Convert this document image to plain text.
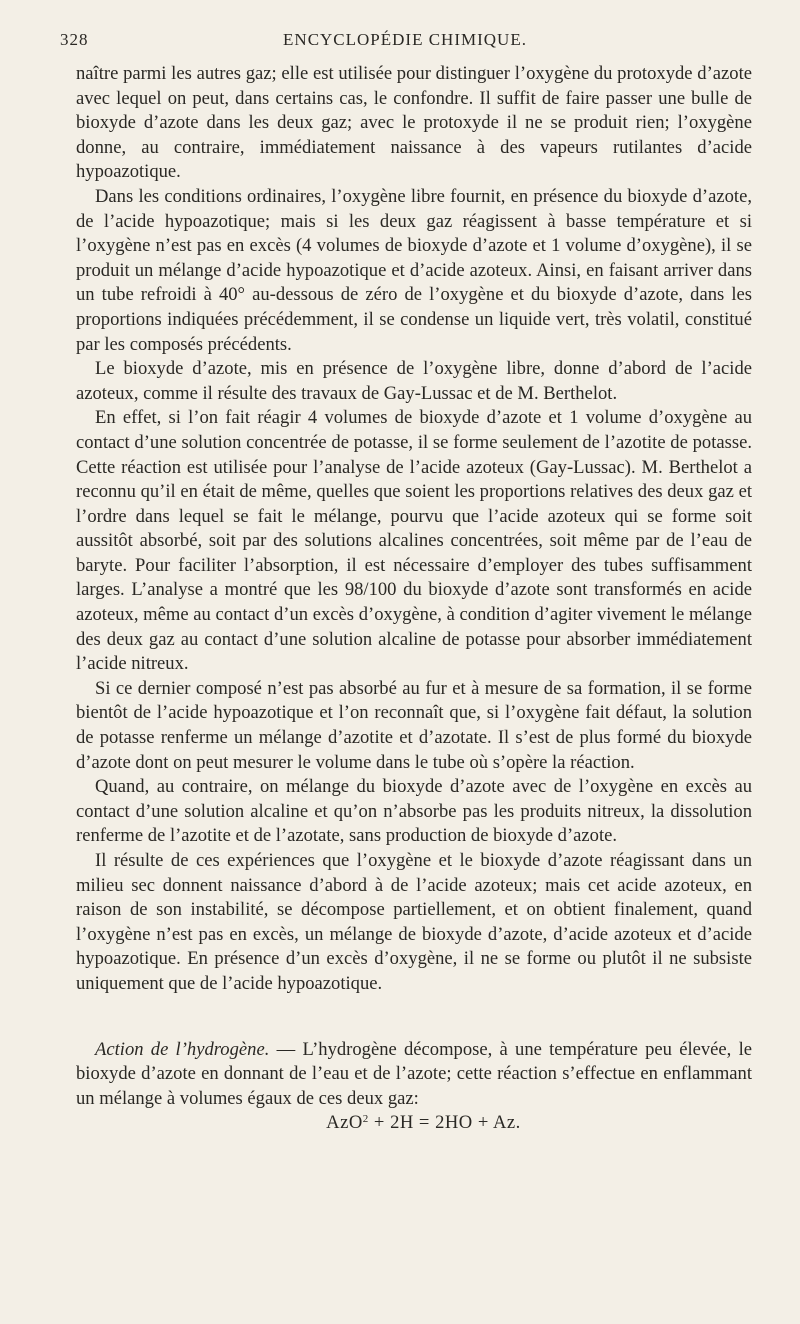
328	ENCYCLOPÉDIE CHIMIQUE.

naître parmi les autres gaz; elle est utilisée pour distinguer l’oxygène du protoxyde d’azote avec lequel on peut, dans certains cas, le confondre. Il suffit de faire passer une bulle de bioxyde d’azote dans les deux gaz; avec le protoxyde il ne se produit rien; l’oxygène donne, au contraire, immédiatement naissance à des vapeurs rutilantes d’acide hypoazotique.

Dans les conditions ordinaires, l’oxygène libre fournit, en présence du bioxyde d’azote, de l’acide hypoazotique; mais si les deux gaz réagissent à basse température et si l’oxygène n’est pas en excès (4 volumes de bioxyde d’azote et 1 volume d’oxygène), il se produit un mélange d’acide hypoazotique et d’acide azoteux. Ainsi, en faisant arriver dans un tube refroidi à 40° au-dessous de zéro de l’oxygène et du bioxyde d’azote, dans les proportions indiquées précédemment, il se condense un liquide vert, très volatil, constitué par les composés précédents.

Le bioxyde d’azote, mis en présence de l’oxygène libre, donne d’abord de l’acide azoteux, comme il résulte des travaux de Gay-Lussac et de M. Berthelot.

En effet, si l’on fait réagir 4 volumes de bioxyde d’azote et 1 volume d’oxygène au contact d’une solution concentrée de potasse, il se forme seulement de l’azotite de potasse. Cette réaction est utilisée pour l’analyse de l’acide azoteux (Gay-Lussac). M. Berthelot a reconnu qu’il en était de même, quelles que soient les proportions relatives des deux gaz et l’ordre dans lequel se fait le mélange, pourvu que l’acide azoteux qui se forme soit aussitôt absorbé, soit par des solutions alcalines concentrées, soit même par de l’eau de baryte. Pour faciliter l’absorption, il est nécessaire d’employer des tubes suffisamment larges. L’analyse a montré que les 98/100 du bioxyde d’azote sont transformés en acide azoteux, même au contact d’un excès d’oxygène, à condition d’agiter vivement le mélange des deux gaz au contact d’une solution alcaline de potasse pour absorber immédiatement l’acide nitreux.

Si ce dernier composé n’est pas absorbé au fur et à mesure de sa formation, il se forme bientôt de l’acide hypoazotique et l’on reconnaît que, si l’oxygène fait défaut, la solution de potasse renferme un mélange d’azotite et d’azotate. Il s’est de plus formé du bioxyde d’azote dont on peut mesurer le volume dans le tube où s’opère la réaction.

Quand, au contraire, on mélange du bioxyde d’azote avec de l’oxygène en excès au contact d’une solution alcaline et qu’on n’absorbe pas les produits nitreux, la dissolution renferme de l’azotite et de l’azotate, sans production de bioxyde d’azote.

Il résulte de ces expériences que l’oxygène et le bioxyde d’azote réagissant dans un milieu sec donnent naissance d’abord à de l’acide azoteux; mais cet acide azoteux, en raison de son instabilité, se décompose partiellement, et on obtient finalement, quand l’oxygène n’est pas en excès, un mélange de bioxyde d’azote, d’acide azoteux et d’acide hypoazotique. En présence d’un excès d’oxygène, il ne se forme ou plutôt il ne subsiste uniquement que de l’acide hypoazotique.

Action de l’hydrogène. — L’hydrogène décompose, à une température peu élevée, le bioxyde d’azote en donnant de l’eau et de l’azote; cette réaction s’effectue en enflammant un mélange à volumes égaux de ces deux gaz:

AzO$^2$ + 2H = 2HO + Az.
